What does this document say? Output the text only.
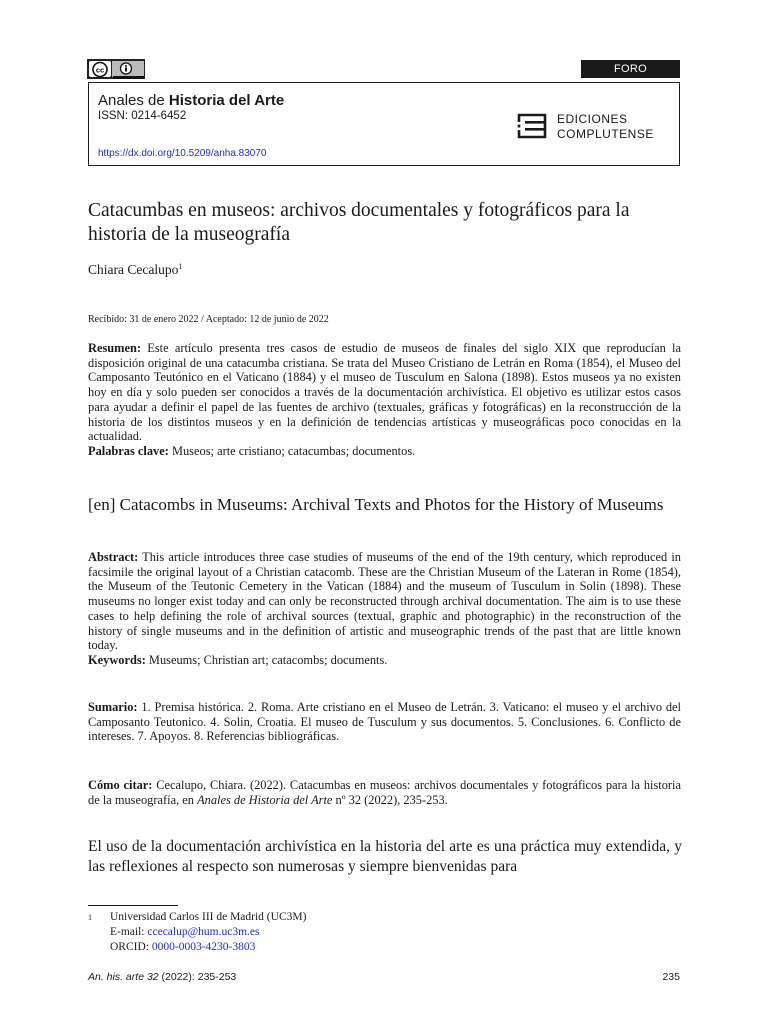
cc	FORO
Anales de Historia del Arte
ISSN: 0214-6452
https://dx.doi.org/10.5209/anha.83070
EDICIONES
COMPLUTENSE
Catacumbas en museos: archivos documentales y fotográficos para la historia de la museografía
Chiara Cecalupo$^1$
Recibido: 31 de enero 2022 / Aceptado: 12 de junio de 2022

Resumen: Este artículo presenta tres casos de estudio de museos de finales del siglo XIX que reproducían la disposición original de una catacumba cristiana. Se trata del Museo Cristiano de Letrán en Roma (1854), el Museo del Camposanto Teutónico en el Vaticano (1884) y el museo de Tusculum en Salona (1898). Estos museos ya no existen hoy en día y solo pueden ser conocidos a través de la documentación archivística. El objetivo es utilizar estos casos para ayudar a definir el papel de las fuentes de archivo (textuales, gráficas y fotográficas) en la reconstrucción de la historia de los distintos museos y en la definición de tendencias artísticas y museográficas poco conocidas en la actualidad.
Palabras clave: Museos; arte cristiano; catacumbas; documentos.

[en] Catacombs in Museums: Archival Texts and Photos for the History of Museums

Abstract: This article introduces three case studies of museums of the end of the 19th century, which reproduced in facsimile the original layout of a Christian catacomb. These are the Christian Museum of the Lateran in Rome (1854), the Museum of the Teutonic Cemetery in the Vatican (1884) and the museum of Tusculum in Solin (1898). These museums no longer exist today and can only be reconstructed through archival documentation. The aim is to use these cases to help defining the role of archival sources (textual, graphic and photographic) in the reconstruction of the history of single museums and in the definition of artistic and museographic trends of the past that are little known today.
Keywords: Museums; Christian art; catacombs; documents.

Sumario: 1. Premisa histórica. 2. Roma. Arte cristiano en el Museo de Letrán. 3. Vaticano: el museo y el archivo del Camposanto Teutonico. 4. Solin, Croatia. El museo de Tusculum y sus documentos. 5. Conclusiones. 6. Conflicto de intereses. 7. Apoyos. 8. Referencias bibliográficas.

Cómo citar: Cecalupo, Chiara. (2022). Catacumbas en museos: archivos documentales y fotográficos para la historia de la museografía, en Anales de Historia del Arte nº 32 (2022), 235-253.

El uso de la documentación archivística en la historia del arte es una práctica muy extendida, y las reflexiones al respecto son numerosas y siempre bienvenidas para

1 Universidad Carlos III de Madrid (UC3M)
E-mail: ccecalup@hum.uc3m.es
ORCID: 0000-0003-4230-3803
An. his. arte 32 (2022): 235-253	235
